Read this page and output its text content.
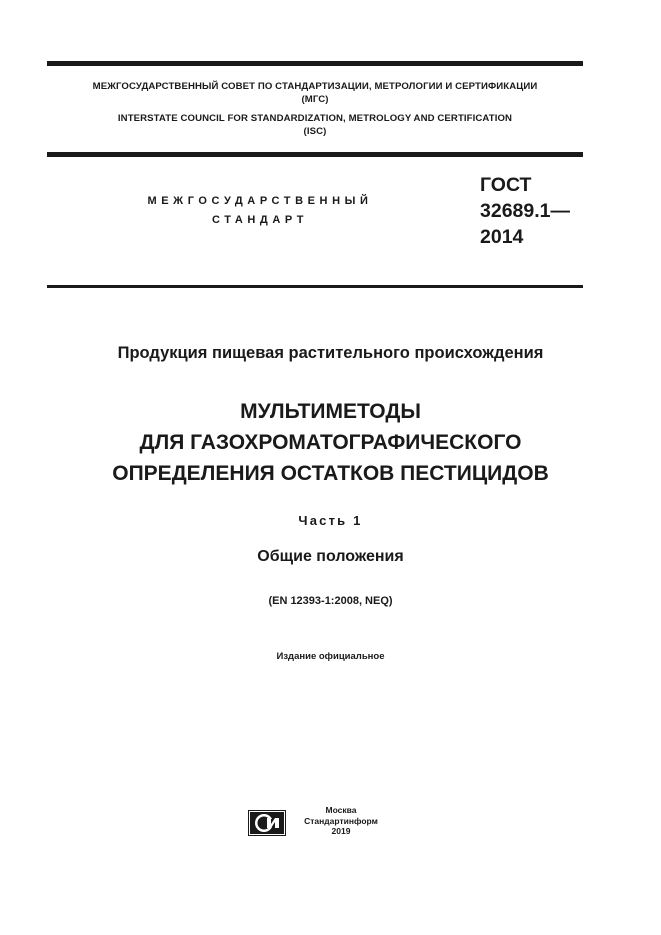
МЕЖГОСУДАРСТВЕННЫЙ СОВЕТ ПО СТАНДАРТИЗАЦИИ, МЕТРОЛОГИИ И СЕРТИФИКАЦИИ
(МГС)
INTERSTATE COUNCIL FOR STANDARDIZATION, METROLOGY AND CERTIFICATION
(ISC)
МЕЖГОСУДАРСТВЕННЫЙ
СТАНДАРТ
ГОСТ
32689.1—
2014
Продукция пищевая растительного происхождения
МУЛЬТИМЕТОДЫ
ДЛЯ ГАЗОХРОМАТОГРАФИЧЕСКОГО
ОПРЕДЕЛЕНИЯ ОСТАТКОВ ПЕСТИЦИДОВ
Часть 1
Общие положения
(EN 12393-1:2008, NEQ)
Издание официальное
Москва
Стандартинформ
2019
